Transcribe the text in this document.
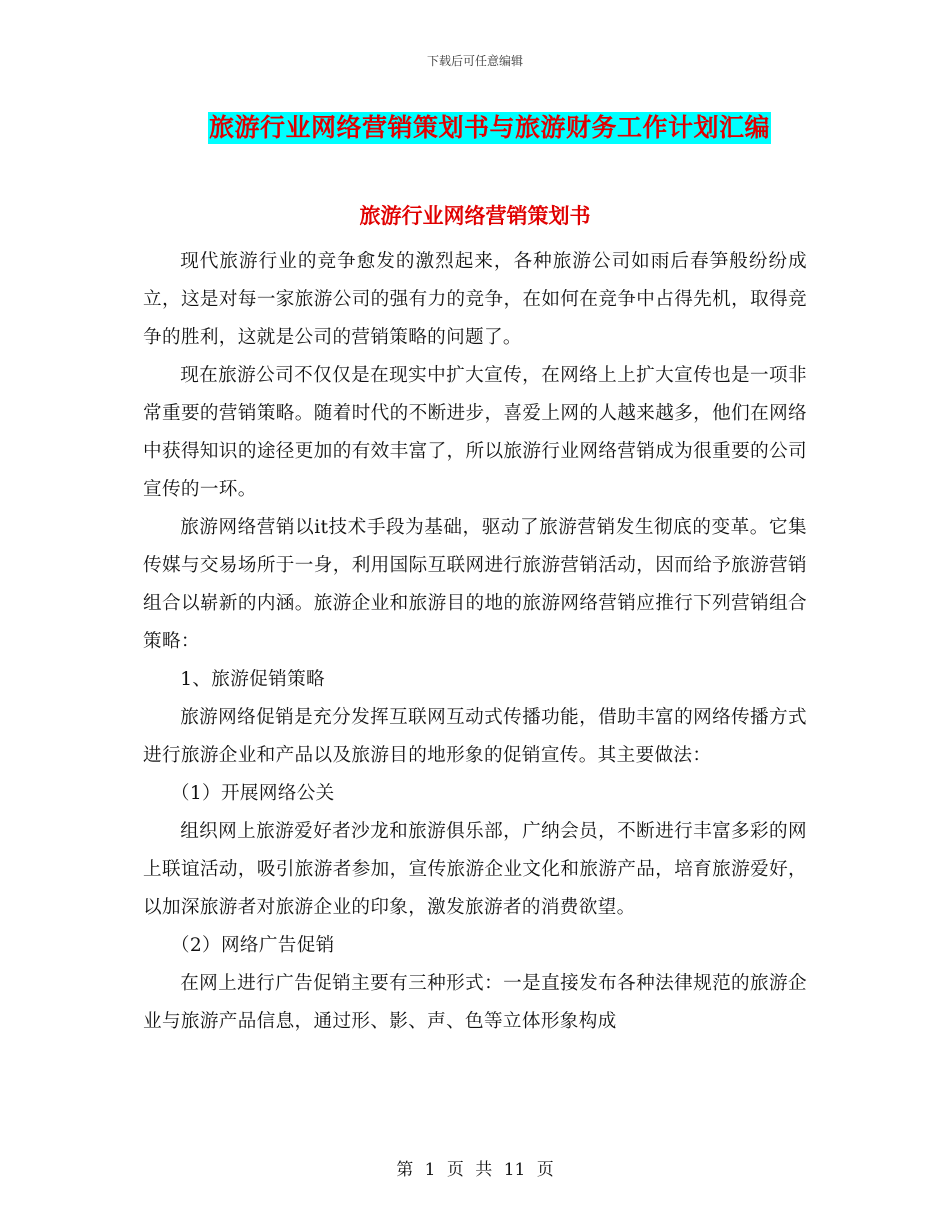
下载后可任意编辑
旅游行业网络营销策划书与旅游财务工作计划汇编
旅游行业网络营销策划书

现代旅游行业的竞争愈发的激烈起来，各种旅游公司如雨后春笋般纷纷成立，这是对每一家旅游公司的强有力的竞争，在如何在竞争中占得先机，取得竞争的胜利，这就是公司的营销策略的问题了。

现在旅游公司不仅仅是在现实中扩大宣传，在网络上上扩大宣传也是一项非常重要的营销策略。随着时代的不断进步，喜爱上网的人越来越多，他们在网络中获得知识的途径更加的有效丰富了，所以旅游行业网络营销成为很重要的公司宣传的一环。

旅游网络营销以it技术手段为基础，驱动了旅游营销发生彻底的变革。它集传媒与交易场所于一身，利用国际互联网进行旅游营销活动，因而给予旅游营销组合以崭新的内涵。旅游企业和旅游目的地的旅游网络营销应推行下列营销组合策略：

1、旅游促销策略

旅游网络促销是充分发挥互联网互动式传播功能，借助丰富的网络传播方式进行旅游企业和产品以及旅游目的地形象的促销宣传。其主要做法：

（1）开展网络公关

组织网上旅游爱好者沙龙和旅游俱乐部，广纳会员，不断进行丰富多彩的网上联谊活动，吸引旅游者参加，宣传旅游企业文化和旅游产品，培育旅游爱好，以加深旅游者对旅游企业的印象，激发旅游者的消费欲望。

（2）网络广告促销

在网上进行广告促销主要有三种形式：一是直接发布各种法律规范的旅游企业与旅游产品信息，通过形、影、声、色等立体形象构成

第 1 页 共 11 页
